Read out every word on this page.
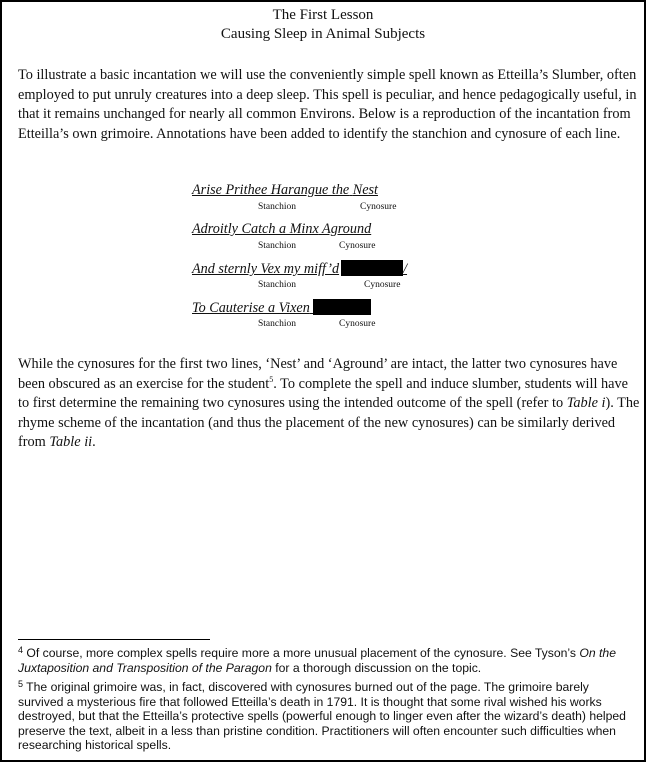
The First Lesson
Causing Sleep in Animal Subjects

To illustrate a basic incantation we will use the conveniently simple spell known as Etteilla’s Slumber, often employed to put unruly creatures into a deep sleep. This spell is peculiar, and hence pedagogically useful, in that it remains unchanged for nearly all common Environs. Below is a reproduction of the incantation from Etteilla’s own grimoire. Annotations have been added to identify the stanchion and cynosure of each line.

Arise Prithee Harangue the Nest
Stanchion	Cynosure
Adroitly Catch a Minx Aground
Stanchion	Cynosure
And sternly Vex my miff’d	/
Stanchion	Cynosure
To Cauterise a Vixen
Stanchion	Cynosure

While the cynosures for the first two lines, ‘Nest’ and ‘Aground’ are intact, the latter two cynosures have been obscured as an exercise for the student$^5$. To complete the spell and induce slumber, students will have to first determine the remaining two cynosures using the intended outcome of the spell (refer to Table i). The rhyme scheme of the incantation (and thus the placement of the new cynosures) can be similarly derived from Table ii.

$^4$ Of course, more complex spells require more a more unusual placement of the cynosure. See Tyson’s On the Juxtaposition and Transposition of the Paragon for a thorough discussion on the topic.

$^5$ The original grimoire was, in fact, discovered with cynosures burned out of the page. The grimoire barely survived a mysterious fire that followed Etteilla’s death in 1791. It is thought that some rival wished his works destroyed, but that the Etteilla’s protective spells (powerful enough to linger even after the wizard’s death) helped preserve the text, albeit in a less than pristine condition. Practitioners will often encounter such difficulties when researching historical spells.
